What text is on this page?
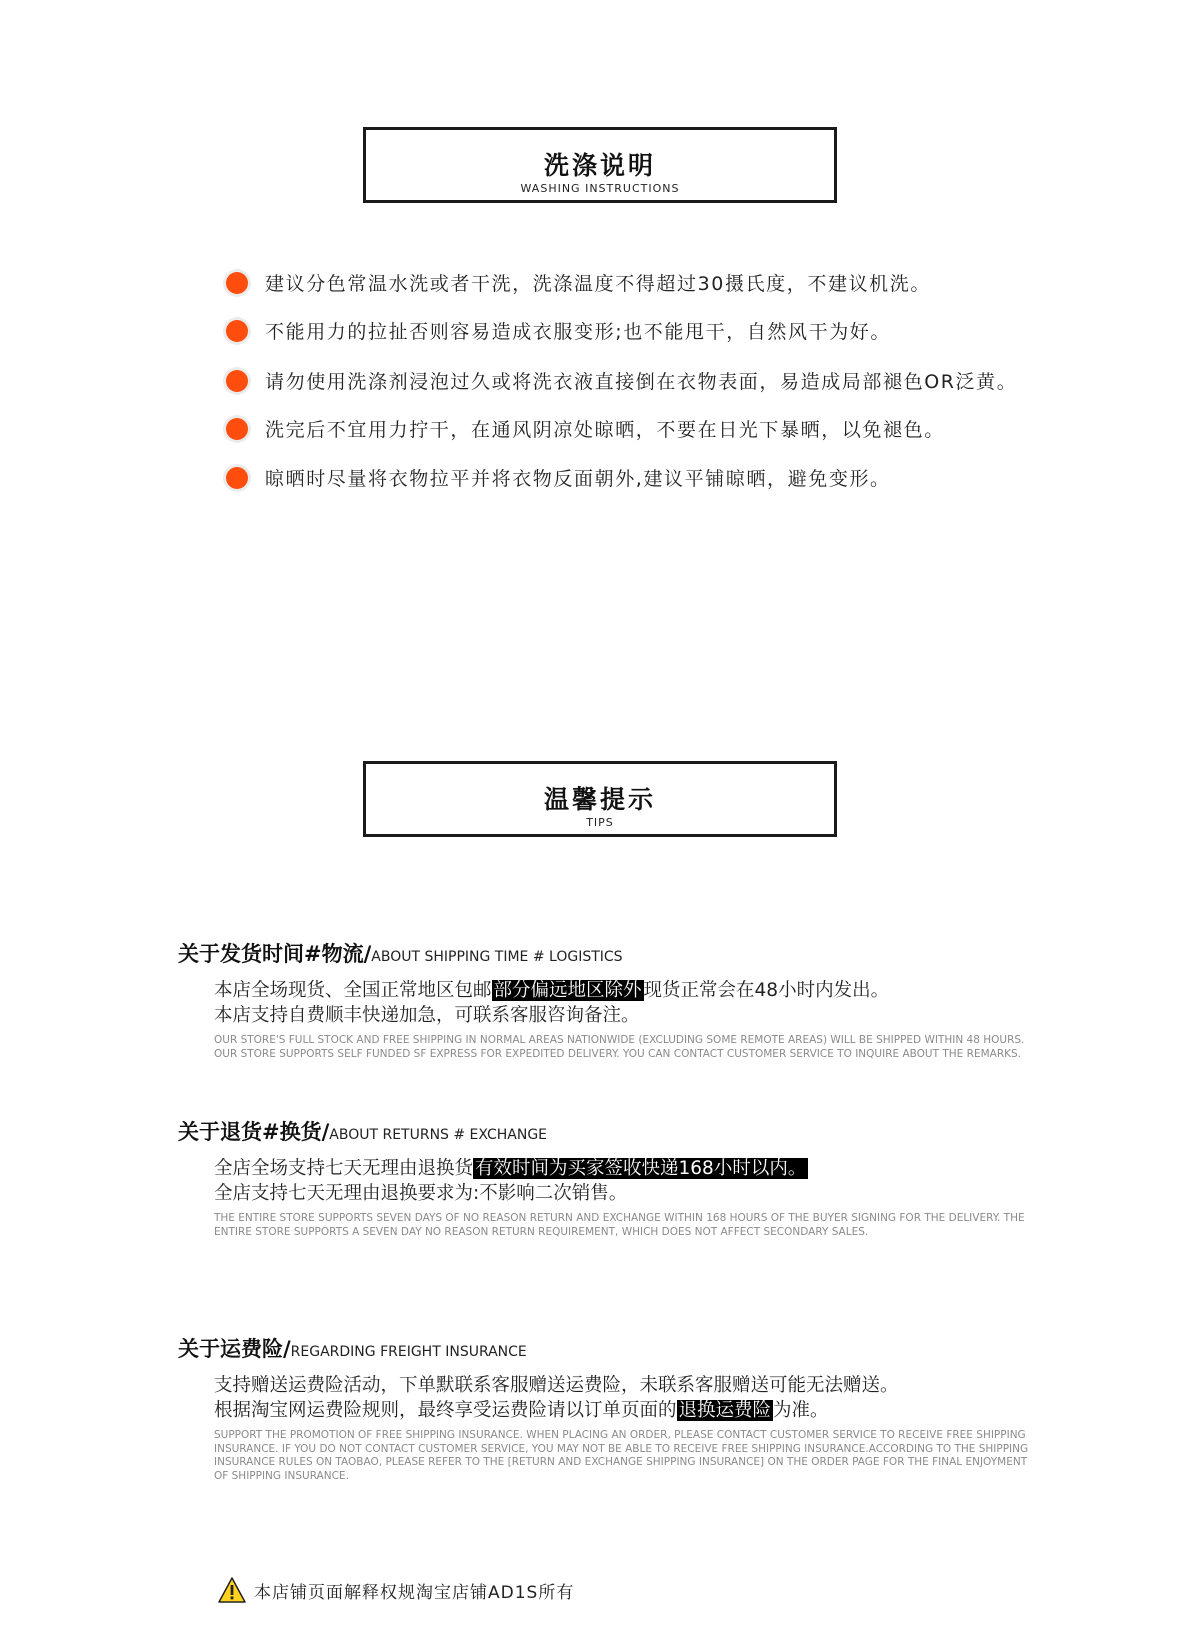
洗涤说明
WASHING INSTRUCTIONS
建议分色常温水洗或者干洗，洗涤温度不得超过30摄氏度，不建议机洗。
不能用力的拉扯否则容易造成衣服变形;也不能甩干，自然风干为好。
请勿使用洗涤剂浸泡过久或将洗衣液直接倒在衣物表面，易造成局部褪色OR泛黄。
洗完后不宜用力拧干，在通风阴凉处晾晒，不要在日光下暴晒，以免褪色。
晾晒时尽量将衣物拉平并将衣物反面朝外,建议平铺晾晒，避免变形。
温馨提示
TIPS
关于发货时间#物流/ABOUT SHIPPING TIME # LOGISTICS
本店全场现货、全国正常地区包邮 部分偏远地区除外 现货正常会在48小时内发出。
本店支持自费顺丰快递加急，可联系客服咨询备注。
OUR STORE'S FULL STOCK AND FREE SHIPPING IN NORMAL AREAS NATIONWIDE (EXCLUDING SOME REMOTE AREAS) WILL BE SHIPPED WITHIN 48 HOURS. OUR STORE SUPPORTS SELF FUNDED SF EXPRESS FOR EXPEDITED DELIVERY. YOU CAN CONTACT CUSTOMER SERVICE TO INQUIRE ABOUT THE REMARKS.
关于退货#换货/ABOUT RETURNS # EXCHANGE
全店全场支持七天无理由退换货 有效时间为买家签收快递168小时以内。
全店支持七天无理由退换要求为:不影响二次销售。
THE ENTIRE STORE SUPPORTS SEVEN DAYS OF NO REASON RETURN AND EXCHANGE WITHIN 168 HOURS OF THE BUYER SIGNING FOR THE DELIVERY. THE ENTIRE STORE SUPPORTS A SEVEN DAY NO REASON RETURN REQUIREMENT, WHICH DOES NOT AFFECT SECONDARY SALES.
关于运费险/REGARDING FREIGHT INSURANCE
支持赠送运费险活动，下单默联系客服赠送运费险，未联系客服赠送可能无法赠送。
根据淘宝网运费险规则，最终享受运费险请以订单页面的 退换运费险 为准。
SUPPORT THE PROMOTION OF FREE SHIPPING INSURANCE. WHEN PLACING AN ORDER, PLEASE CONTACT CUSTOMER SERVICE TO RECEIVE FREE SHIPPING INSURANCE. IF YOU DO NOT CONTACT CUSTOMER SERVICE, YOU MAY NOT BE ABLE TO RECEIVE FREE SHIPPING INSURANCE.ACCORDING TO THE SHIPPING INSURANCE RULES ON TAOBAO, PLEASE REFER TO THE [RETURN AND EXCHANGE SHIPPING INSURANCE] ON THE ORDER PAGE FOR THE FINAL ENJOYMENT OF SHIPPING INSURANCE.
本店铺页面解释权规淘宝店铺AD1S所有
